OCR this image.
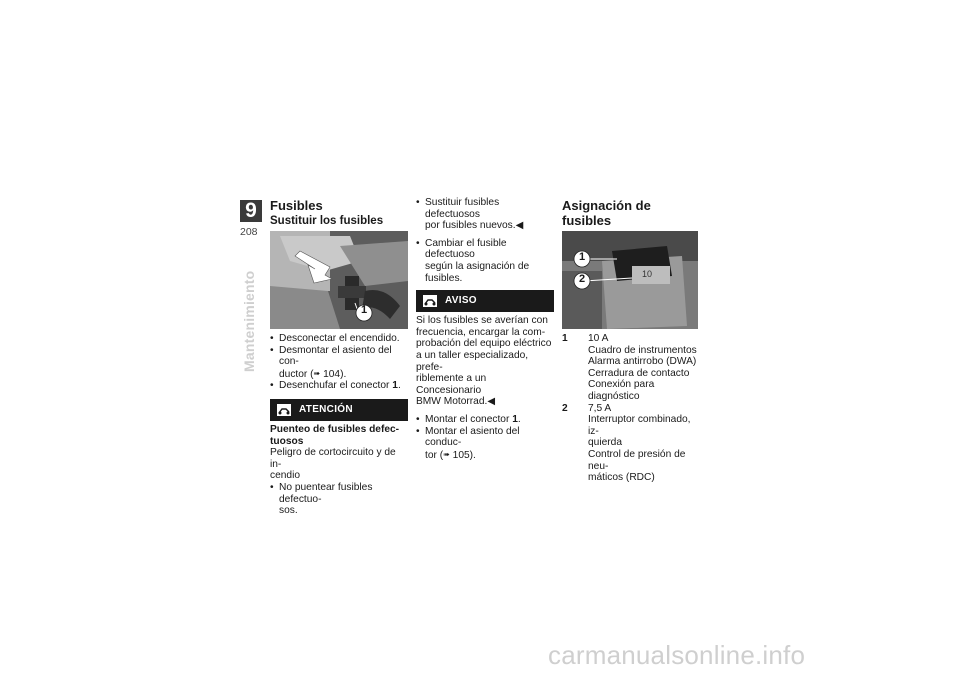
9
208
Mantenimiento
Fusibles
Sustituir los fusibles
1
• Desconectar el encendido.
• Desmontar el asiento del con-
ductor (➠ 104).
• Desenchufar el conector 1.
ATENCIÓN
Puenteo de fusibles defec-
tuosos
Peligro de cortocircuito y de in-
cendio
• No puentear fusibles defectuo-
sos.
• Sustituir fusibles defectuosos
por fusibles nuevos.◀
• Cambiar el fusible defectuoso
según la asignación de fusibles.
AVISO
Si los fusibles se averían con
frecuencia, encargar la com-
probación del equipo eléctrico
a un taller especializado, prefe-
riblemente a un Concesionario
BMW Motorrad.◀
• Montar el conector 1.
• Montar el asiento del conduc-
tor (➠ 105).
Asignación de fusibles
1
2	10
1	10 A
Cuadro de instrumentos
Alarma antirrobo (DWA)
Cerradura de contacto
Conexión para diagnóstico
2	7,5 A
Interruptor combinado, iz-
quierda
Control de presión de neu-
máticos (RDC)
carmanualsonline.info
